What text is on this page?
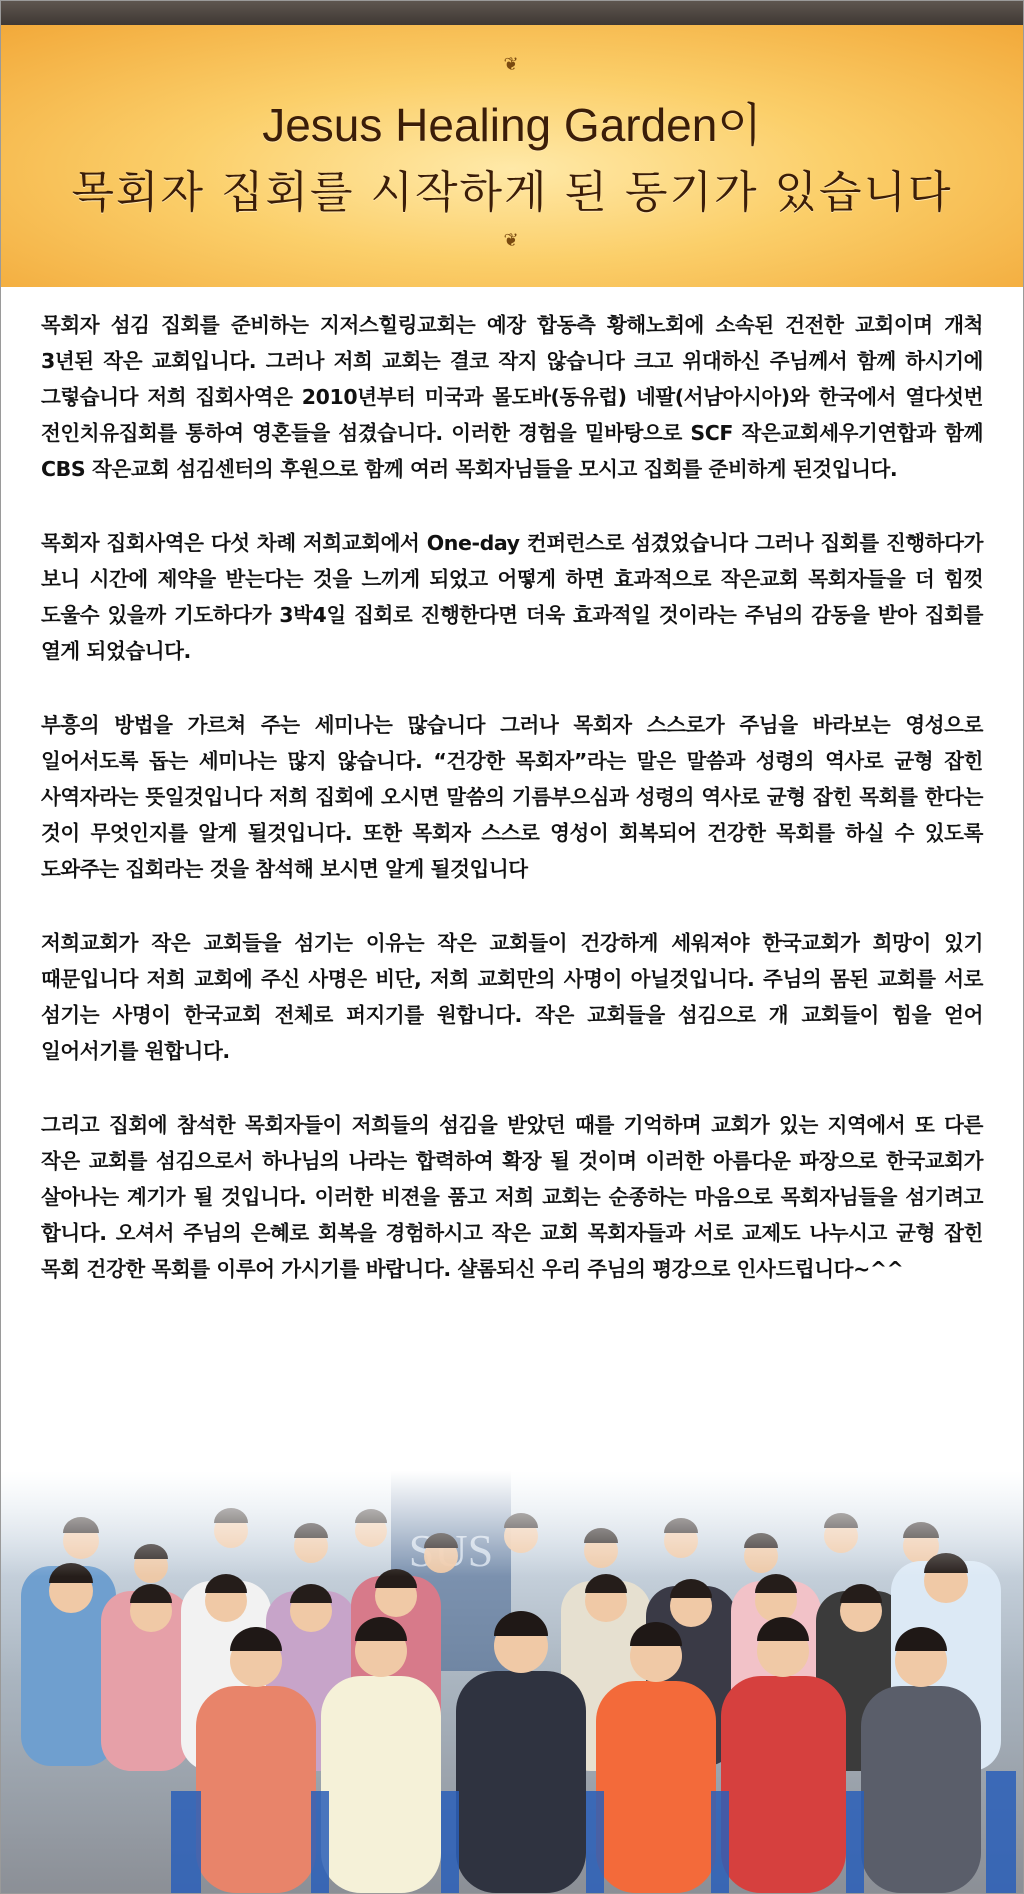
❦
Jesus Healing Garden이
목회자 집회를 시작하게 된 동기가 있습니다
❦

목회자 섬김 집회를 준비하는 지저스힐링교회는 예장 합동측 황해노회에 소속된 건전한 교회이며 개척 3년된 작은 교회입니다. 그러나 저희 교회는 결코 작지 않습니다 크고 위대하신 주님께서 함께 하시기에 그렇습니다 저희 집회사역은 2010년부터 미국과 몰도바(동유럽) 네팔(서남아시아)와 한국에서 열다섯번 전인치유집회를 통하여 영혼들을 섬겼습니다. 이러한 경험을 밑바탕으로 SCF 작은교회세우기연합과 함께 CBS 작은교회 섬김센터의 후원으로 함께 여러 목회자님들을 모시고 집회를 준비하게 된것입니다.

목회자 집회사역은 다섯 차례 저희교회에서 One-day 컨퍼런스로 섬겼었습니다 그러나 집회를 진행하다가 보니 시간에 제약을 받는다는 것을 느끼게 되었고 어떻게 하면 효과적으로 작은교회 목회자들을 더 힘껏 도울수 있을까 기도하다가 3박4일 집회로 진행한다면 더욱 효과적일 것이라는 주님의 감동을 받아 집회를 열게 되었습니다.

부흥의 방법을 가르쳐 주는 세미나는 많습니다 그러나 목회자 스스로가 주님을 바라보는 영성으로 일어서도록 돕는 세미나는 많지 않습니다. “건강한 목회자”라는 말은 말씀과 성령의 역사로 균형 잡힌 사역자라는 뜻일것입니다 저희 집회에 오시면 말씀의 기름부으심과 성령의 역사로 균형 잡힌 목회를 한다는 것이 무엇인지를 알게 될것입니다. 또한 목회자 스스로 영성이 회복되어 건강한 목회를 하실 수 있도록 도와주는 집회라는 것을 참석해 보시면 알게 될것입니다

저희교회가 작은 교회들을 섬기는 이유는 작은 교회들이 건강하게 세워져야 한국교회가 희망이 있기 때문입니다 저희 교회에 주신 사명은 비단, 저희 교회만의 사명이 아닐것입니다. 주님의 몸된 교회를 서로 섬기는 사명이 한국교회 전체로 퍼지기를 원합니다. 작은 교회들을 섬김으로 개 교회들이 힘을 얻어 일어서기를 원합니다.

그리고 집회에 참석한 목회자들이 저희들의 섬김을 받았던 때를 기억하며 교회가 있는 지역에서 또 다른 작은 교회를 섬김으로서 하나님의 나라는 합력하여 확장 될 것이며 이러한 아름다운 파장으로 한국교회가 살아나는 계기가 될 것입니다. 이러한 비젼을 품고 저희 교회는 순종하는 마음으로 목회자님들을 섬기려고 합니다. 오셔서 주님의 은혜로 회복을 경험하시고 작은 교회 목회자들과 서로 교제도 나누시고 균형 잡힌 목회 건강한 목회를 이루어 가시기를 바랍니다. 샬롬되신 우리 주님의 평강으로 인사드립니다~^^
